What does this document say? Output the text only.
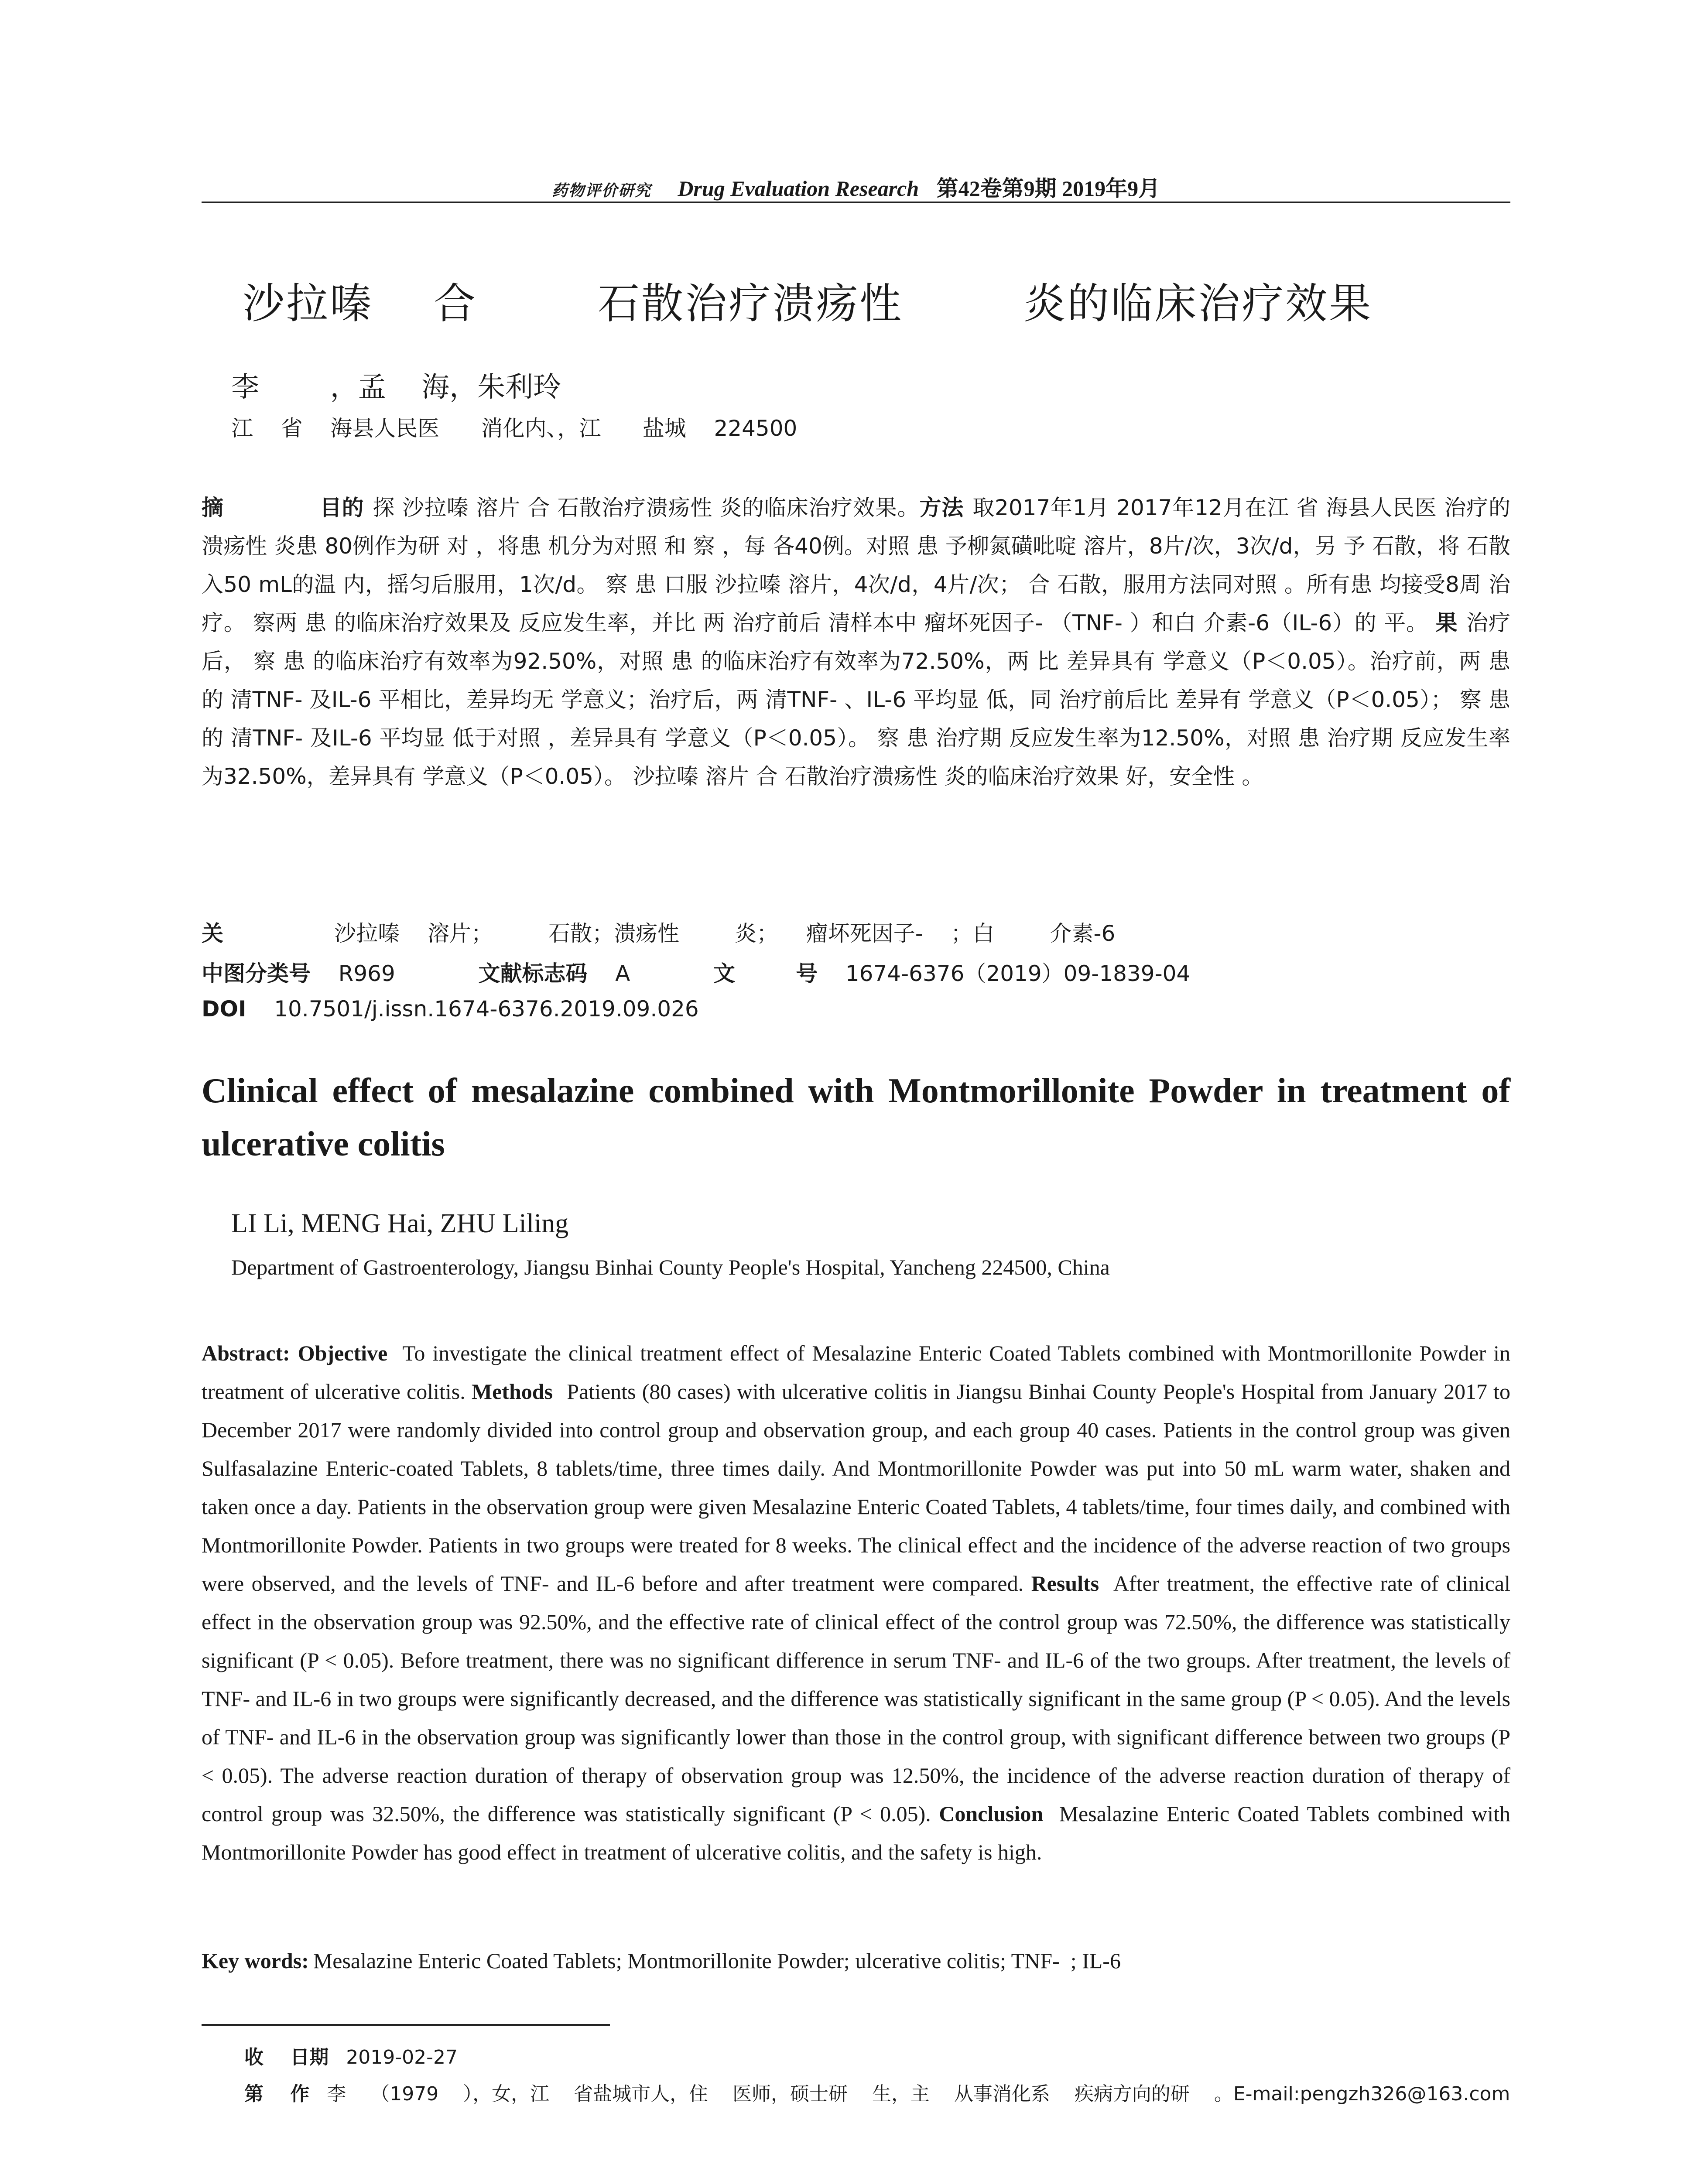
药物评价研究 Drug Evaluation Research 第42卷第9期 2019年9月
沙拉嗪    合        石散治疗溃疡性        炎的临床治疗效果
李        ，孟    海，朱利玲
江    省    海县人民医      消化内、，江      盐城    224500
摘	目的 探 沙拉嗪 溶片 合 石散治疗溃疡性 炎的临床治疗效果。方法 取2017年1月 2017年12月在江 省 海县人民医 治疗的溃疡性 炎患 80例作为研 对 ，将患 机分为对照 和 察 ，每 各40例。对照 患 予柳氮磺吡啶 溶片，8片/次，3次/d，另 予 石散，将 石散 入50 mL的温 内，摇匀后服用，1次/d。 察 患 口服 沙拉嗪 溶片，4次/d，4片/次； 合 石散，服用方法同对照 。所有患 均接受8周 治疗。 察两 患 的临床治疗效果及 反应发生率，并比 两 治疗前后 清样本中 瘤坏死因子- （TNF- ）和白 介素-6（IL-6）的 平。 果 治疗后， 察 患 的临床治疗有效率为92.50%，对照 患 的临床治疗有效率为72.50%，两 比 差异具有 学意义（P＜0.05）。治疗前，两 患 的 清TNF- 及IL-6 平相比，差异均无 学意义；治疗后，两 清TNF- 、IL-6 平均显 低，同 治疗前后比 差异有 学意义（P＜0.05）； 察 患 的 清TNF- 及IL-6 平均显 低于对照 ，差异具有 学意义（P＜0.05）。 察 患 治疗期 反应发生率为12.50%，对照 患 治疗期 反应发生率为32.50%，差异具有 学意义（P＜0.05）。 沙拉嗪 溶片 合 石散治疗溃疡性 炎的临床治疗效果 好，安全性 。
关	沙拉嗪    溶片；        石散；溃疡性        炎；    瘤坏死因子-    ；白        介素-6
中图分类号 R969	文献标志码 A	文        号 1674-6376（2019）09-1839-04
DOI 10.7501/j.issn.1674-6376.2019.09.026
Clinical effect of mesalazine combined with Montmorillonite Powder in treatment of ulcerative colitis
LI Li, MENG Hai, ZHU Liling
Department of Gastroenterology, Jiangsu Binhai County People's Hospital, Yancheng 224500, China
Abstract: Objective To investigate the clinical treatment effect of Mesalazine Enteric Coated Tablets combined with Montmorillonite Powder in treatment of ulcerative colitis. Methods Patients (80 cases) with ulcerative colitis in Jiangsu Binhai County People's Hospital from January 2017 to December 2017 were randomly divided into control group and observation group, and each group 40 cases. Patients in the control group was given Sulfasalazine Enteric-coated Tablets, 8 tablets/time, three times daily. And Montmorillonite Powder was put into 50 mL warm water, shaken and taken once a day. Patients in the observation group were given Mesalazine Enteric Coated Tablets, 4 tablets/time, four times daily, and combined with Montmorillonite Powder. Patients in two groups were treated for 8 weeks. The clinical effect and the incidence of the adverse reaction of two groups were observed, and the levels of TNF- and IL-6 before and after treatment were compared. Results After treatment, the effective rate of clinical effect in the observation group was 92.50%, and the effective rate of clinical effect of the control group was 72.50%, the difference was statistically significant (P < 0.05). Before treatment, there was no significant difference in serum TNF- and IL-6 of the two groups. After treatment, the levels of TNF- and IL-6 in two groups were significantly decreased, and the difference was statistically significant in the same group (P < 0.05). And the levels of TNF- and IL-6 in the observation group was significantly lower than those in the control group, with significant difference between two groups (P < 0.05). The adverse reaction duration of therapy of observation group was 12.50%, the incidence of the adverse reaction duration of therapy of control group was 32.50%, the difference was statistically significant (P < 0.05). Conclusion Mesalazine Enteric Coated Tablets combined with Montmorillonite Powder has good effect in treatment of ulcerative colitis, and the safety is high.
Key words: Mesalazine Enteric Coated Tablets; Montmorillonite Powder; ulcerative colitis; TNF-  ; IL-6
收    日期 2019-02-27
第    作 李    （1979    ），女，江    省盐城市人，住    医师，硕士研    生，主    从事消化系    疾病方向的研    。E-mail:pengzh326@163.com
